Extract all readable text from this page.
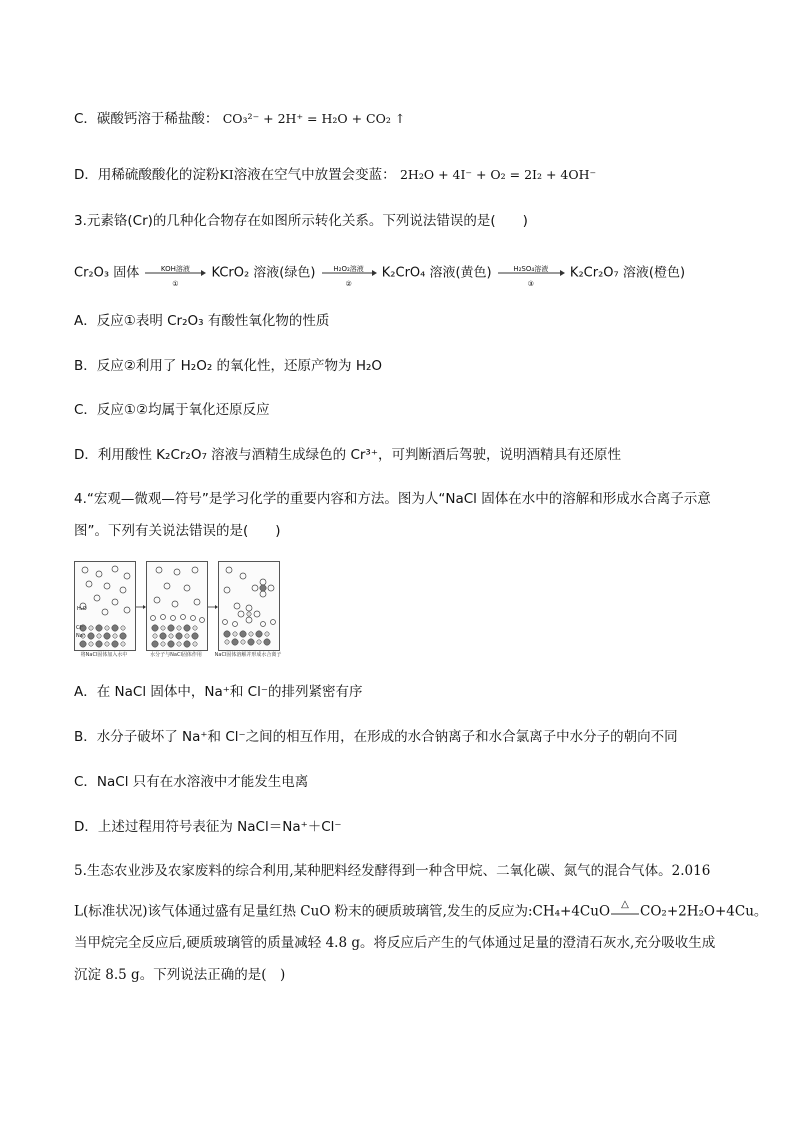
C．碳酸钙溶于稀盐酸： CO₃²⁻ + 2H⁺ = H₂O + CO₂ ↑
D．用稀硫酸酸化的淀粉KI溶液在空气中放置会变蓝： 2H₂O + 4I⁻ + O₂ = 2I₂ + 4OH⁻
3.元素铬(Cr)的几种化合物存在如图所示转化关系。下列说法错误的是(　　)
Cr₂O₃ 固体	KOH溶液
①
KCrO₂ 溶液(绿色)	H₂O₂溶液
②
K₂CrO₄ 溶液(黄色)	H₂SO₄溶液
③
K₂Cr₂O₇ 溶液(橙色)
A．反应①表明 Cr₂O₃ 有酸性氧化物的性质
B．反应②利用了 H₂O₂ 的氧化性，还原产物为 H₂O
C．反应①②均属于氧化还原反应
D．利用酸性 K₂Cr₂O₇ 溶液与酒精生成绿色的 Cr³⁺，可判断酒后驾驶，说明酒精具有还原性
4.“宏观—微观—符号”是学习化学的重要内容和方法。图为人“NaCl 固体在水中的溶解和形成水合离子示意
图”。下列有关说法错误的是(　　)
H₂O
Cl⁻
Na⁺
将NaCl固体加入水中	水分子与NaCl固体作用	NaCl固体溶解并形成水合离子
A．在 NaCl 固体中，Na⁺和 Cl⁻的排列紧密有序
B．水分子破坏了 Na⁺和 Cl⁻之间的相互作用，在形成的水合钠离子和水合氯离子中水分子的朝向不同
C．NaCl 只有在水溶液中才能发生电离
D．上述过程用符号表征为 NaCl＝Na⁺＋Cl⁻
5.生态农业涉及农家废料的综合利用,某种肥料经发酵得到一种含甲烷、二氧化碳、氮气的混合气体。2.016
L(标准状况)该气体通过盛有足量红热 CuO 粉末的硬质玻璃管,发生的反应为:CH₄+4CuO	△ CO₂+2H₂O+4Cu。
当甲烷完全反应后,硬质玻璃管的质量减轻 4.8 g。将反应后产生的气体通过足量的澄清石灰水,充分吸收生成
沉淀 8.5 g。下列说法正确的是(　)
